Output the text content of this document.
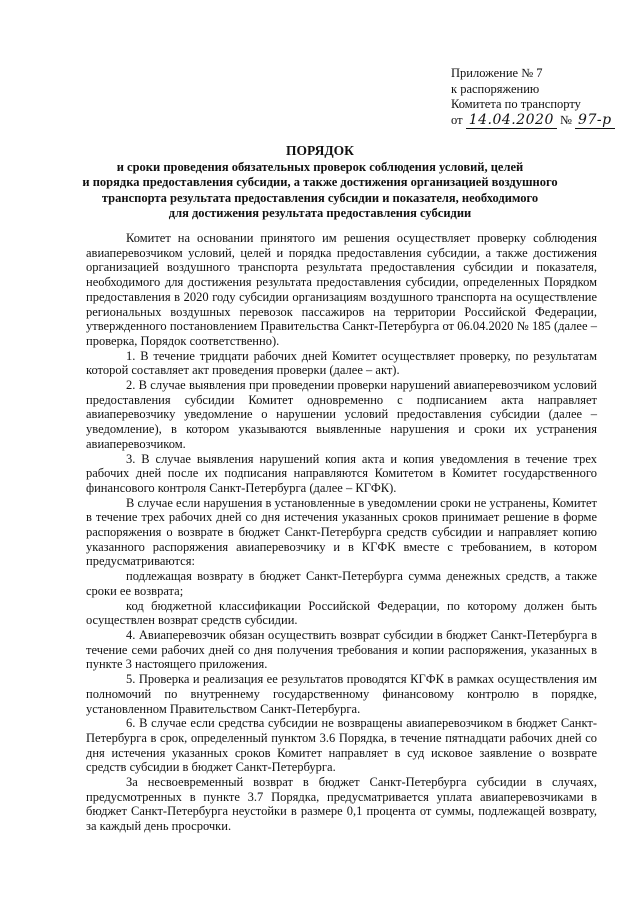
Приложение № 7
к распоряжению
Комитета по транспорту
от 14.04.2020 № 97-р
ПОРЯДОК
и сроки проведения обязательных проверок соблюдения условий, целей
и порядка предоставления субсидии, а также достижения организацией воздушного
транспорта результата предоставления субсидии и показателя, необходимого
для достижения результата предоставления субсидии

Комитет на основании принятого им решения осуществляет проверку соблюдения авиаперевозчиком условий, целей и порядка предоставления субсидии, а также достижения организацией воздушного транспорта результата предоставления субсидии и показателя, необходимого для достижения результата предоставления субсидии, определенных Порядком предоставления в 2020 году субсидии организациям воздушного транспорта на осуществление региональных воздушных перевозок пассажиров на территории Российской Федерации, утвержденного постановлением Правительства Санкт-Петербурга от 06.04.2020 № 185 (далее – проверка, Порядок соответственно).

1. В течение тридцати рабочих дней Комитет осуществляет проверку, по результатам которой составляет акт проведения проверки (далее – акт).

2. В случае выявления при проведении проверки нарушений авиаперевозчиком условий предоставления субсидии Комитет одновременно с подписанием акта направляет авиаперевозчику уведомление о нарушении условий предоставления субсидии (далее – уведомление), в котором указываются выявленные нарушения и сроки их устранения авиаперевозчиком.

3. В случае выявления нарушений копия акта и копия уведомления в течение трех рабочих дней после их подписания направляются Комитетом в Комитет государственного финансового контроля Санкт-Петербурга (далее – КГФК).

В случае если нарушения в установленные в уведомлении сроки не устранены, Комитет в течение трех рабочих дней со дня истечения указанных сроков принимает решение в форме распоряжения о возврате в бюджет Санкт-Петербурга средств субсидии и направляет копию указанного распоряжения авиаперевозчику и в КГФК вместе с требованием, в котором предусматриваются:

подлежащая возврату в бюджет Санкт-Петербурга сумма денежных средств, а также сроки ее возврата;

код бюджетной классификации Российской Федерации, по которому должен быть осуществлен возврат средств субсидии.

4. Авиаперевозчик обязан осуществить возврат субсидии в бюджет Санкт-Петербурга в течение семи рабочих дней со дня получения требования и копии распоряжения, указанных в пункте 3 настоящего приложения.

5. Проверка и реализация ее результатов проводятся КГФК в рамках осуществления им полномочий по внутреннему государственному финансовому контролю в порядке, установленном Правительством Санкт-Петербурга.

6. В случае если средства субсидии не возвращены авиаперевозчиком в бюджет Санкт-Петербурга в срок, определенный пунктом 3.6 Порядка, в течение пятнадцати рабочих дней со дня истечения указанных сроков Комитет направляет в суд исковое заявление о возврате средств субсидии в бюджет Санкт-Петербурга.

За несвоевременный возврат в бюджет Санкт-Петербурга субсидии в случаях, предусмотренных в пункте 3.7 Порядка, предусматривается уплата авиаперевозчиками в бюджет Санкт-Петербурга неустойки в размере 0,1 процента от суммы, подлежащей возврату, за каждый день просрочки.
